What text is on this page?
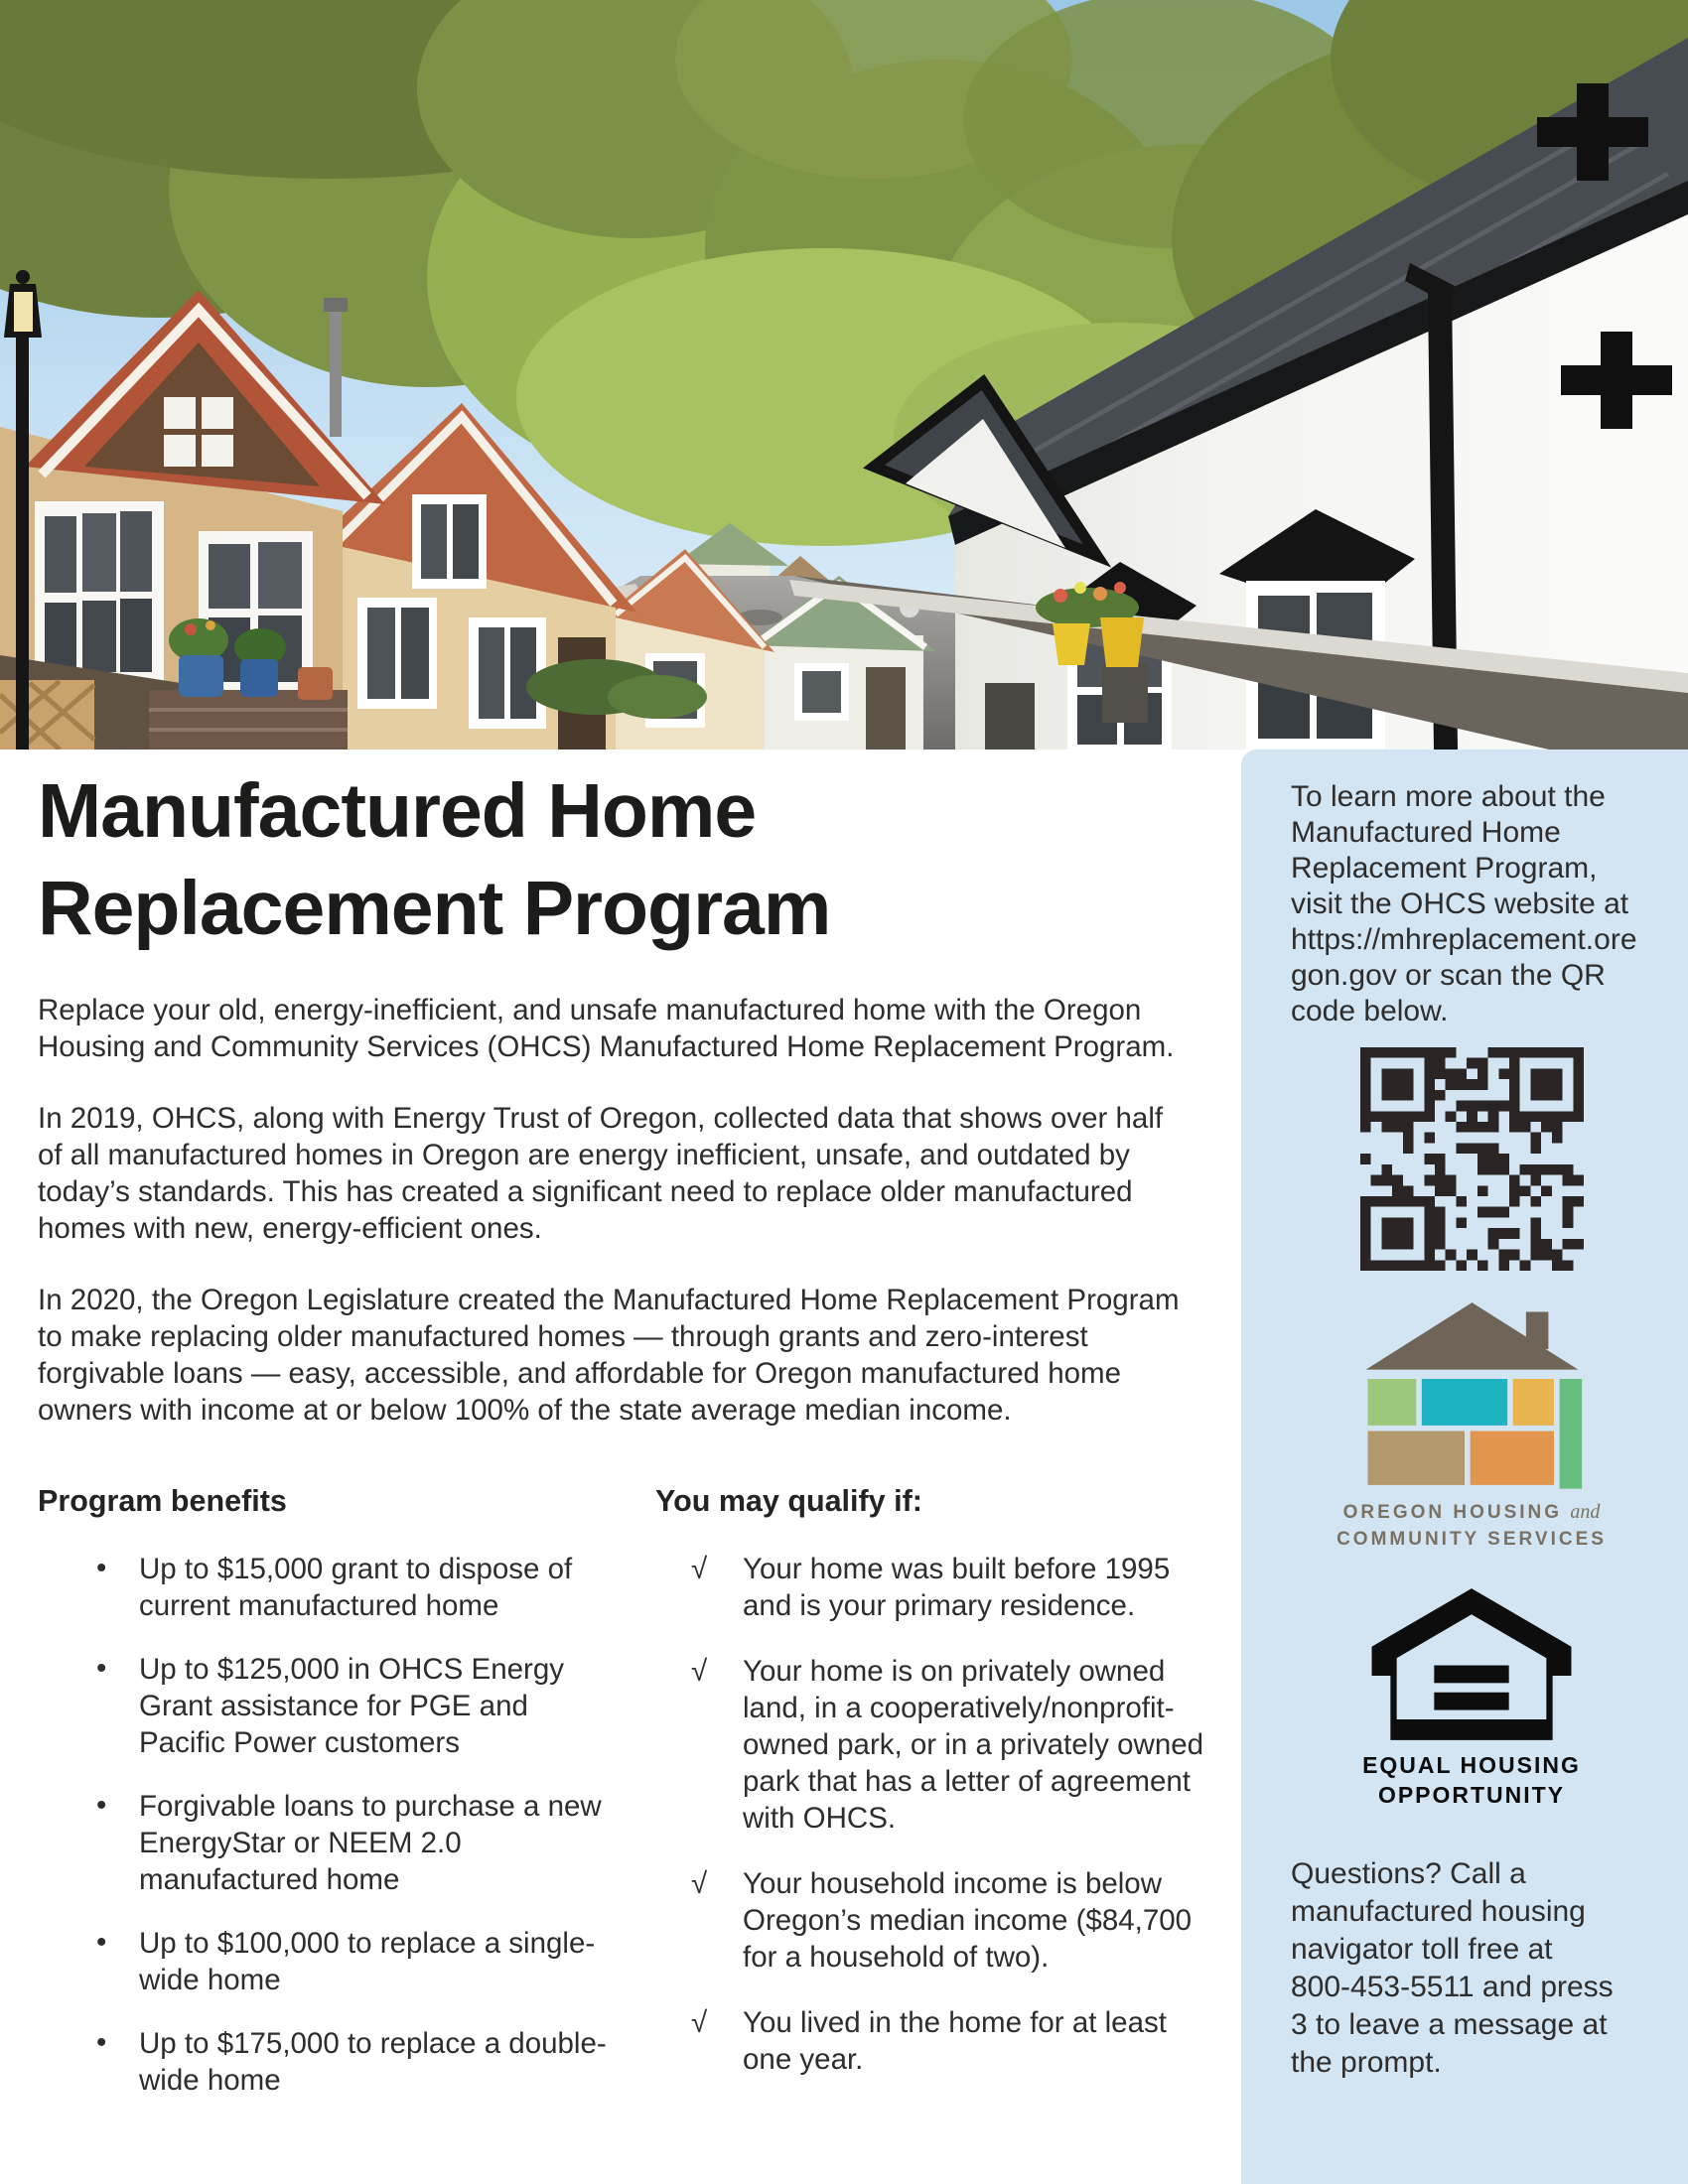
Manufactured Home Replacement Program

Replace your old, energy-inefficient, and unsafe manufactured home with the Oregon Housing and Community Services (OHCS) Manufactured Home Replacement Program.

In 2019, OHCS, along with Energy Trust of Oregon, collected data that shows over half of all manufactured homes in Oregon are energy inefficient, unsafe, and outdated by today’s standards. This has created a significant need to replace older manufactured homes with new, energy-efficient ones.

In 2020, the Oregon Legislature created the Manufactured Home Replacement Program to make replacing older manufactured homes — through grants and zero-interest forgivable loans — easy, accessible, and affordable for Oregon manufactured home owners with income at or below 100% of the state average median income.

Program benefits
• Up to $15,000 grant to dispose of current manufactured home
• Up to $125,000 in OHCS Energy Grant assistance for PGE and Pacific Power customers
• Forgivable loans to purchase a new EnergyStar or NEEM 2.0 manufactured home
• Up to $100,000 to replace a single-wide home
• Up to $175,000 to replace a double-wide home
You may qualify if:
√ Your home was built before 1995 and is your primary residence.
√ Your home is on privately owned land, in a cooperatively/nonprofit-owned park, or in a privately owned park that has a letter of agreement with OHCS.
√ Your household income is below Oregon’s median income ($84,700 for a household of two).
√ You lived in the home for at least one year.
To learn more about the Manufactured Home Replacement Program, visit the OHCS website at https://mhreplacement.oregon.gov or scan the QR code below.
OREGON HOUSING and
COMMUNITY SERVICES
EQUAL HOUSING
OPPORTUNITY
Questions? Call a manufactured housing navigator toll free at 800-453-5511 and press 3 to leave a message at the prompt.
